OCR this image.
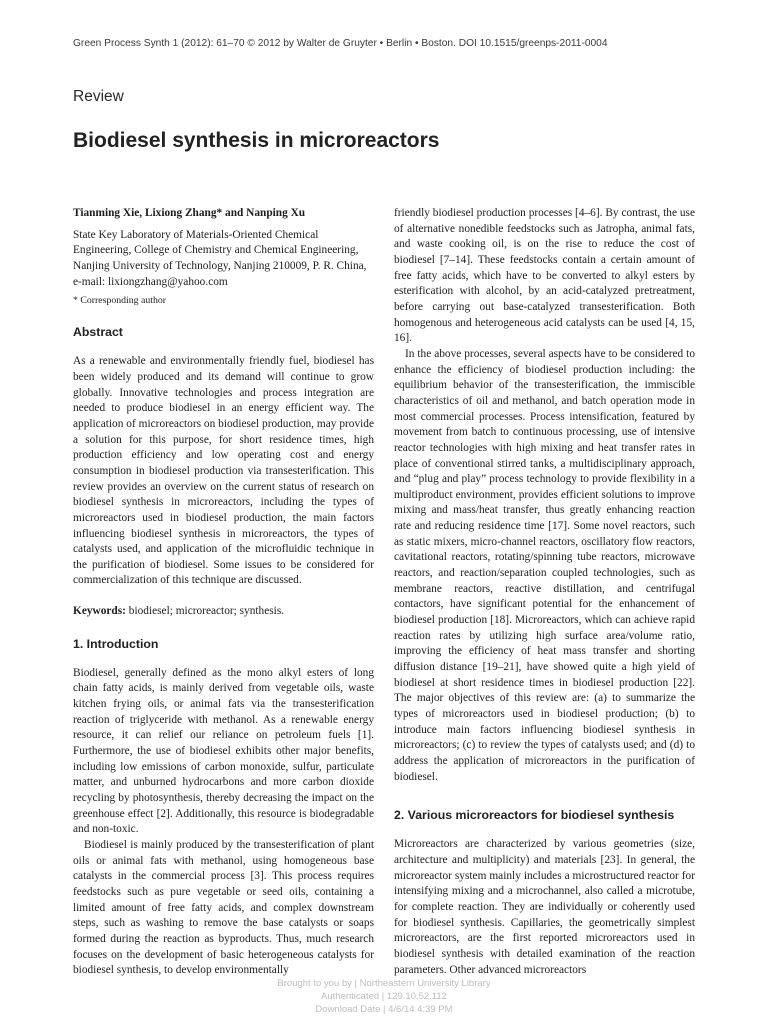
Green Process Synth 1 (2012): 61–70 © 2012 by Walter de Gruyter • Berlin • Boston. DOI 10.1515/greenps-2011-0004
Review
Biodiesel synthesis in microreactors

Tianming Xie, Lixiong Zhang* and Nanping Xu

State Key Laboratory of Materials-Oriented Chemical Engineering, College of Chemistry and Chemical Engineering, Nanjing University of Technology, Nanjing 210009, P. R. China, e-mail: lixiongzhang@yahoo.com

* Corresponding author

Abstract

As a renewable and environmentally friendly fuel, biodiesel has been widely produced and its demand will continue to grow globally. Innovative technologies and process integration are needed to produce biodiesel in an energy efficient way. The application of microreactors on biodiesel production, may provide a solution for this purpose, for short residence times, high production efficiency and low operating cost and energy consumption in biodiesel production via transesterification. This review provides an overview on the current status of research on biodiesel synthesis in microreactors, including the types of microreactors used in biodiesel production, the main factors influencing biodiesel synthesis in microreactors, the types of catalysts used, and application of the microfluidic technique in the purification of biodiesel. Some issues to be considered for commercialization of this technique are discussed.

Keywords: biodiesel; microreactor; synthesis.

1. Introduction

Biodiesel, generally defined as the mono alkyl esters of long chain fatty acids, is mainly derived from vegetable oils, waste kitchen frying oils, or animal fats via the transesterification reaction of triglyceride with methanol. As a renewable energy resource, it can relief our reliance on petroleum fuels [1]. Furthermore, the use of biodiesel exhibits other major benefits, including low emissions of carbon monoxide, sulfur, particulate matter, and unburned hydrocarbons and more carbon dioxide recycling by photosynthesis, thereby decreasing the impact on the greenhouse effect [2]. Additionally, this resource is biodegradable and non-toxic.

Biodiesel is mainly produced by the transesterification of plant oils or animal fats with methanol, using homogeneous base catalysts in the commercial process [3]. This process requires feedstocks such as pure vegetable or seed oils, containing a limited amount of free fatty acids, and complex downstream steps, such as washing to remove the base catalysts or soaps formed during the reaction as byproducts. Thus, much research focuses on the development of basic heterogeneous catalysts for biodiesel synthesis, to develop environmentally

friendly biodiesel production processes [4–6]. By contrast, the use of alternative nonedible feedstocks such as Jatropha, animal fats, and waste cooking oil, is on the rise to reduce the cost of biodiesel [7–14]. These feedstocks contain a certain amount of free fatty acids, which have to be converted to alkyl esters by esterification with alcohol, by an acid-catalyzed pretreatment, before carrying out base-catalyzed transesterification. Both homogenous and heterogeneous acid catalysts can be used [4, 15, 16].

In the above processes, several aspects have to be considered to enhance the efficiency of biodiesel production including: the equilibrium behavior of the transesterification, the immiscible characteristics of oil and methanol, and batch operation mode in most commercial processes. Process intensification, featured by movement from batch to continuous processing, use of intensive reactor technologies with high mixing and heat transfer rates in place of conventional stirred tanks, a multidisciplinary approach, and “plug and play” process technology to provide flexibility in a multiproduct environment, provides efficient solutions to improve mixing and mass/heat transfer, thus greatly enhancing reaction rate and reducing residence time [17]. Some novel reactors, such as static mixers, micro-channel reactors, oscillatory flow reactors, cavitational reactors, rotating/spinning tube reactors, microwave reactors, and reaction/separation coupled technologies, such as membrane reactors, reactive distillation, and centrifugal contactors, have significant potential for the enhancement of biodiesel production [18]. Microreactors, which can achieve rapid reaction rates by utilizing high surface area/volume ratio, improving the efficiency of heat mass transfer and shorting diffusion distance [19–21], have showed quite a high yield of biodiesel at short residence times in biodiesel production [22]. The major objectives of this review are: (a) to summarize the types of microreactors used in biodiesel production; (b) to introduce main factors influencing biodiesel synthesis in microreactors; (c) to review the types of catalysts used; and (d) to address the application of microreactors in the purification of biodiesel.

2. Various microreactors for biodiesel synthesis

Microreactors are characterized by various geometries (size, architecture and multiplicity) and materials [23]. In general, the microreactor system mainly includes a microstructured reactor for intensifying mixing and a microchannel, also called a microtube, for complete reaction. They are individually or coherently used for biodiesel synthesis. Capillaries, the geometrically simplest microreactors, are the first reported microreactors used in biodiesel synthesis with detailed examination of the reaction parameters. Other advanced microreactors

Brought to you by | Northeastern University Library
Authenticated | 129.10.52.112
Download Date | 4/6/14 4:39 PM
